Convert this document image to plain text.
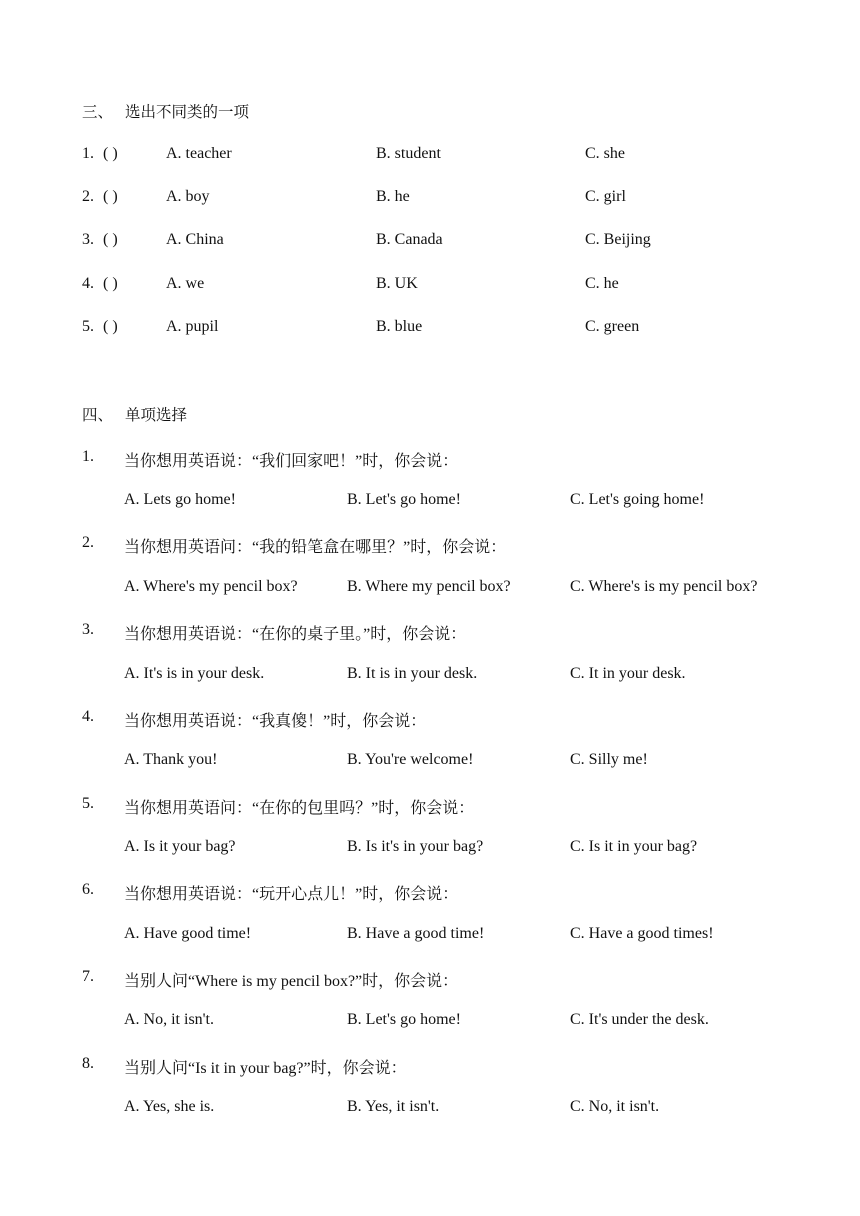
三、 选出不同类的一项
1. ( )	A. teacher	B. student	C. she
2. ( )	A. boy	B. he	C. girl
3. ( )	A. China	B. Canada	C. Beijing
4. ( )	A. we	B. UK	C. he
5. ( )	A. pupil	B. blue	C. green
四、 单项选择
1. 当你想用英语说：“我们回家吧！”时，你会说：
A. Lets go home!	B. Let's go home!	C. Let's going home!
2. 当你想用英语问：“我的铅笔盒在哪里？”时，你会说：
A. Where's my pencil box?	B. Where my pencil box?	C. Where's is my pencil box?
3. 当你想用英语说：“在你的桌子里。”时，你会说：
A. It's is in your desk.	B. It is in your desk.	C. It in your desk.
4. 当你想用英语说：“我真傻！”时，你会说：
A. Thank you!	B. You're welcome!	C. Silly me!
5. 当你想用英语问：“在你的包里吗？”时，你会说：
A. Is it your bag?	B. Is it's in your bag?	C. Is it in your bag?
6. 当你想用英语说：“玩开心点儿！”时，你会说：
A. Have good time!	B. Have a good time!	C. Have a good times!
7. 当别人问“Where is my pencil box?”时，你会说：
A. No, it isn't.	B. Let's go home!	C. It's under the desk.
8. 当别人问“Is it in your bag?”时，你会说：
A. Yes, she is.	B. Yes, it isn't.	C. No, it isn't.
